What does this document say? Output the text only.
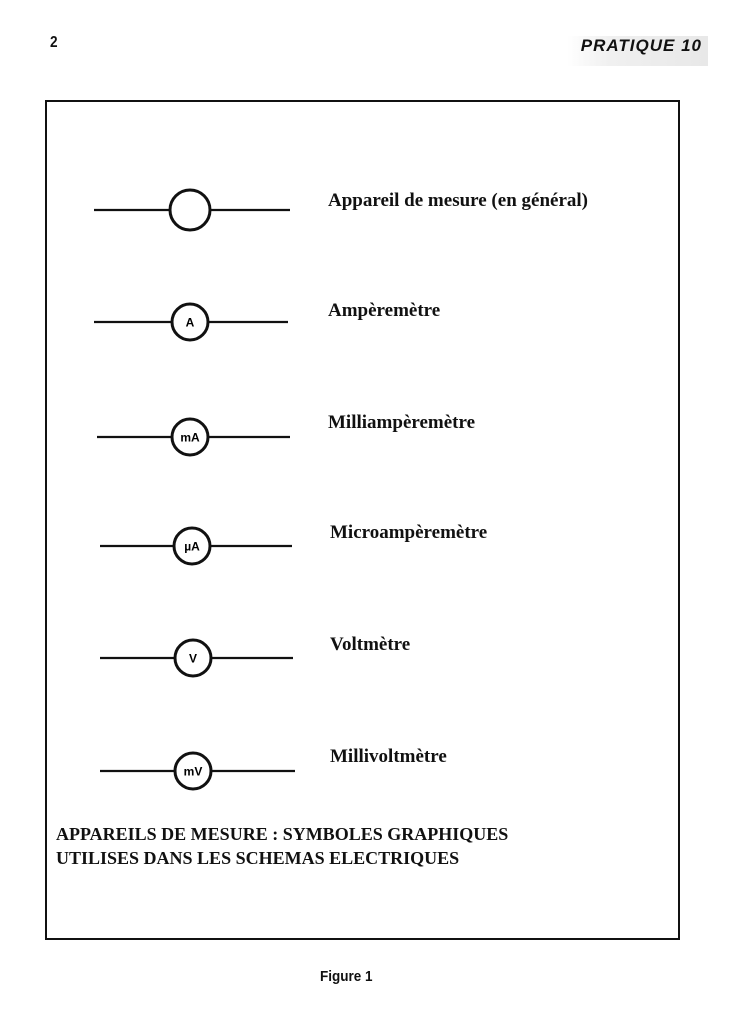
2	PRATIQUE 10
A
mA
µA
V
mV
Appareil de mesure (en général)
Ampèremètre
Milliampèremètre
Microampèremètre
Voltmètre
Millivoltmètre
APPAREILS DE MESURE : SYMBOLES GRAPHIQUES
UTILISES DANS LES SCHEMAS ELECTRIQUES
Figure 1
